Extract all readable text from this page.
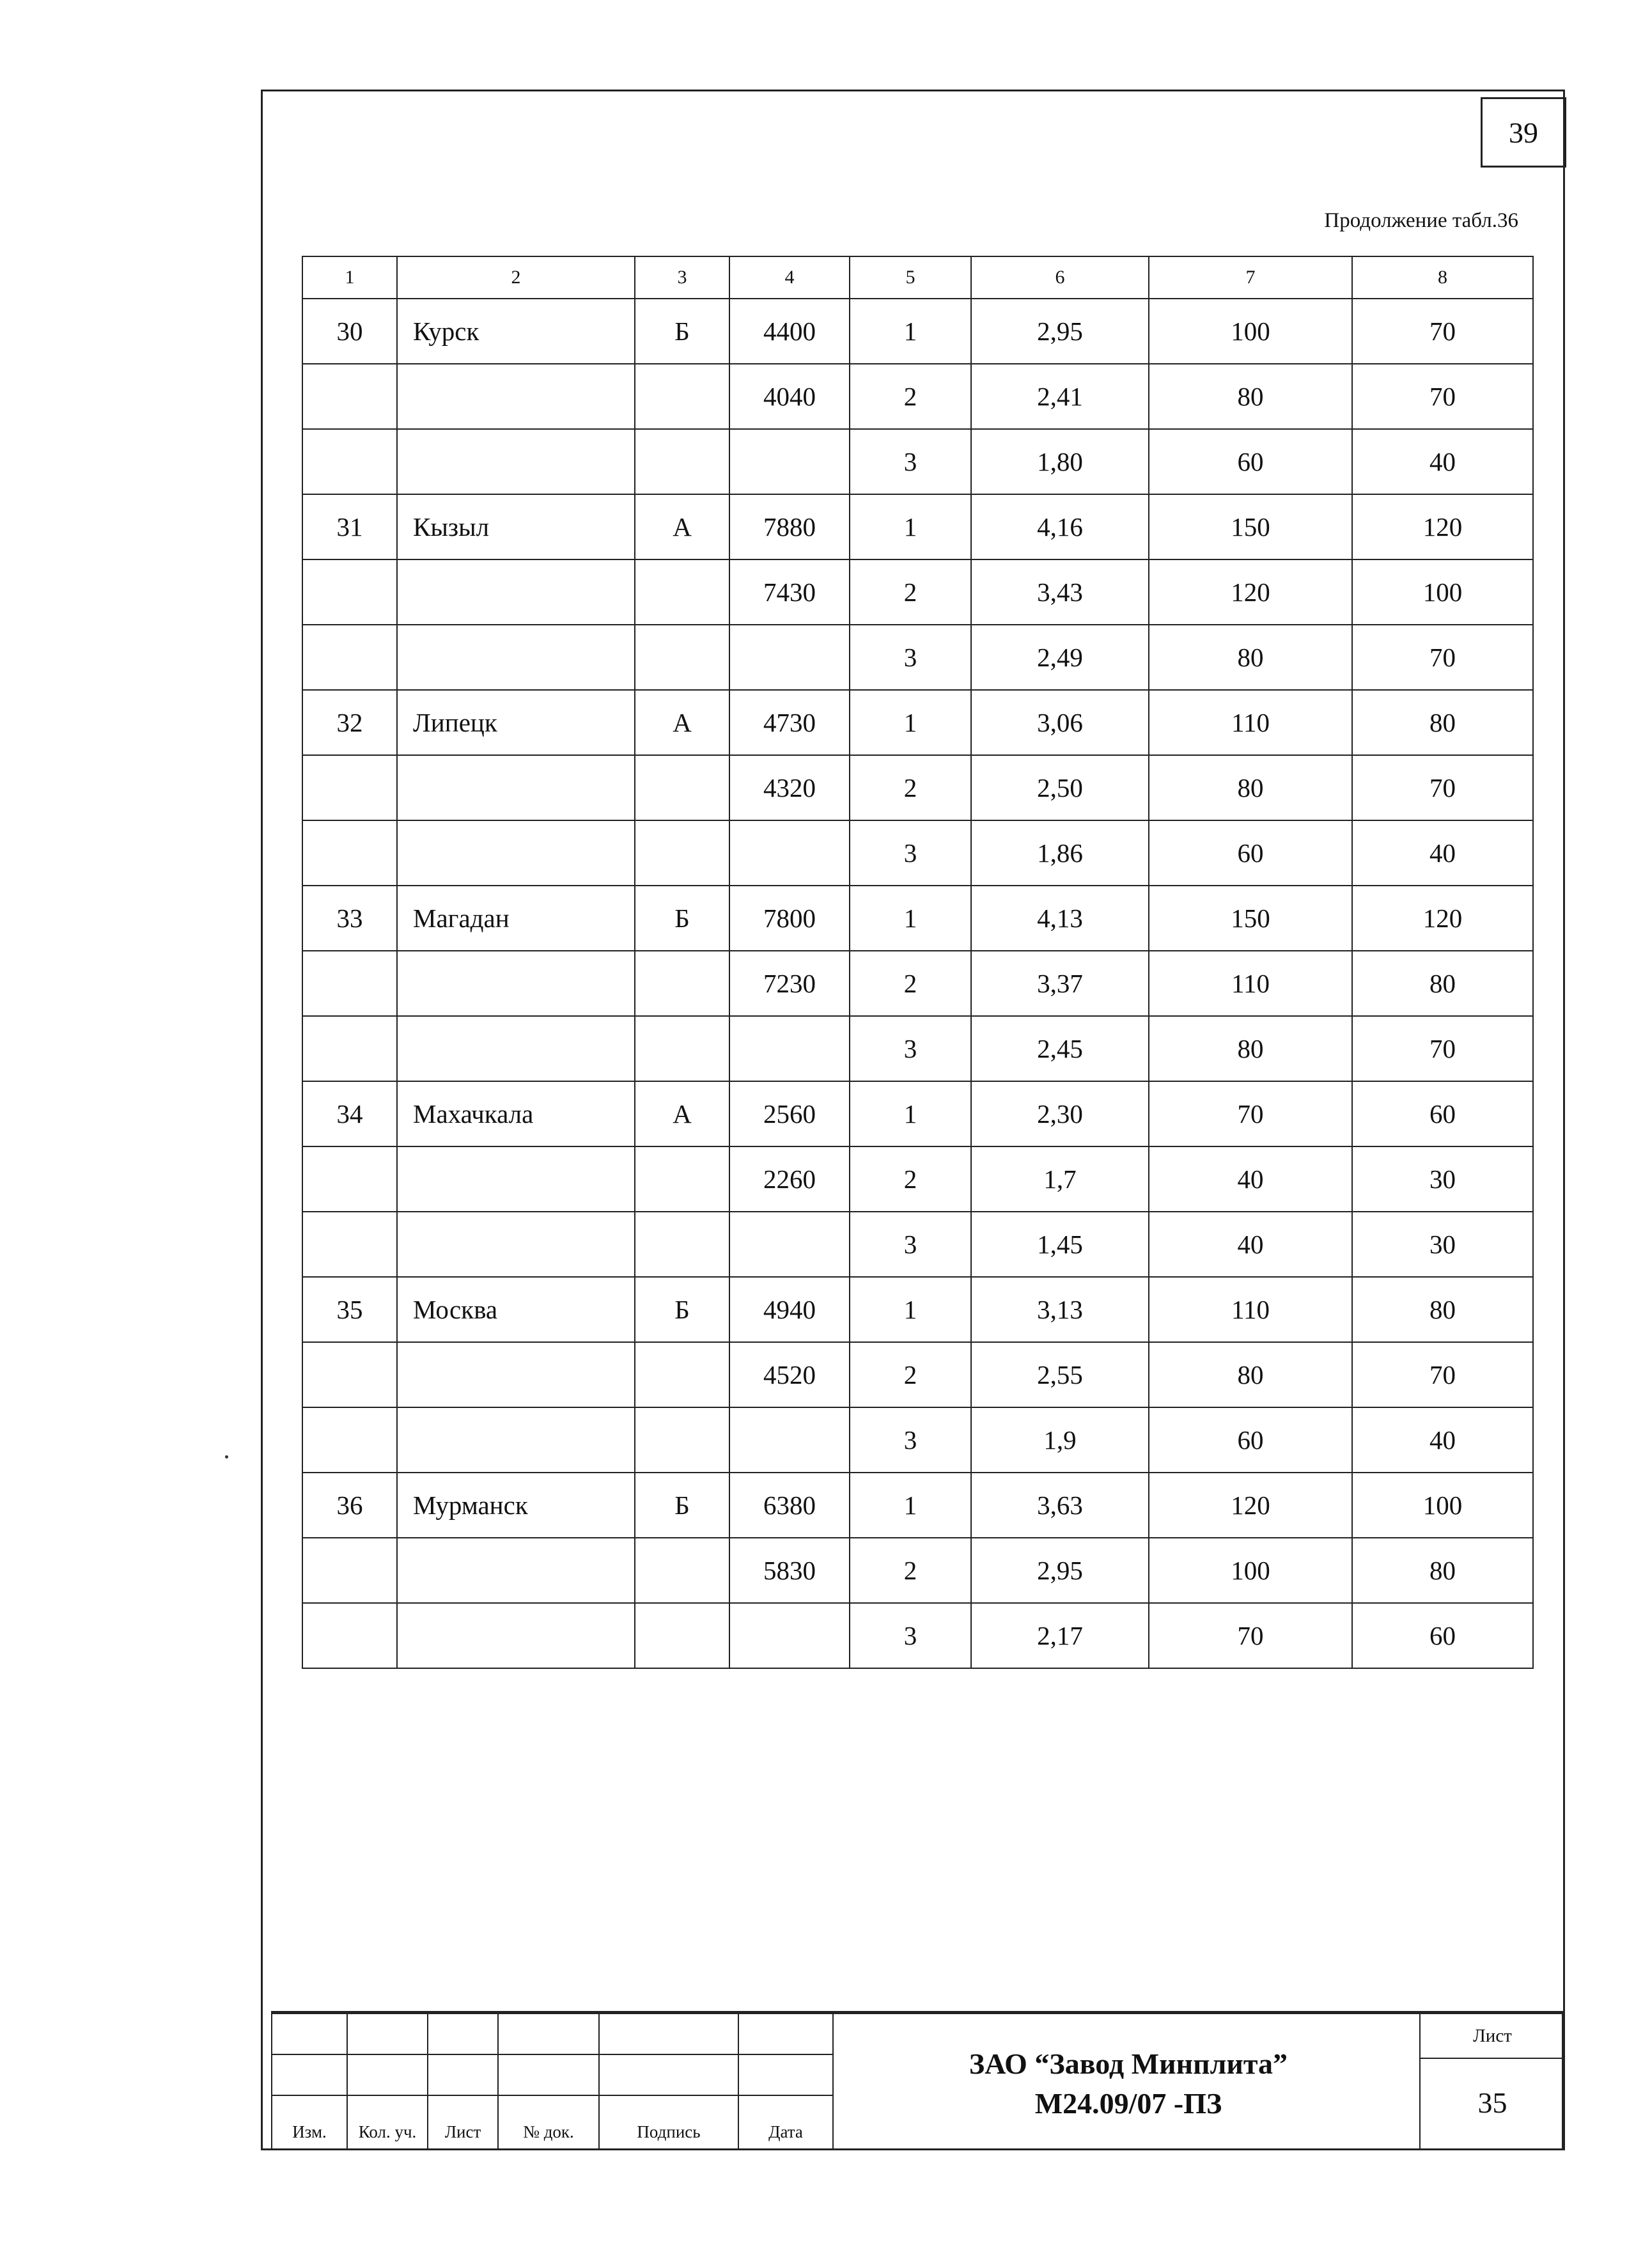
39
Продолжение табл.36
1	2	3	4	5	6	7	8
30	Курск	Б	4400	1	2,95	100	70
			4040	2	2,41	80	70
				3	1,80	60	40
31	Кызыл	А	7880	1	4,16	150	120
			7430	2	3,43	120	100
				3	2,49	80	70
32	Липецк	А	4730	1	3,06	110	80
			4320	2	2,50	80	70
				3	1,86	60	40
33	Магадан	Б	7800	1	4,13	150	120
			7230	2	3,37	110	80
				3	2,45	80	70
34	Махачкала	А	2560	1	2,30	70	60
			2260	2	1,7	40	30
				3	1,45	40	30
35	Москва	Б	4940	1	3,13	110	80
			4520	2	2,55	80	70
				3	1,9	60	40
36	Мурманск	Б	6380	1	3,63	120	100
			5830	2	2,95	100	80
				3	2,17	70	60
Изм.	Кол. уч.	Лист	№ док.	Подпись	Дата
ЗАО “Завод Минплита”
М24.09/07 -ПЗ
Лист
35
